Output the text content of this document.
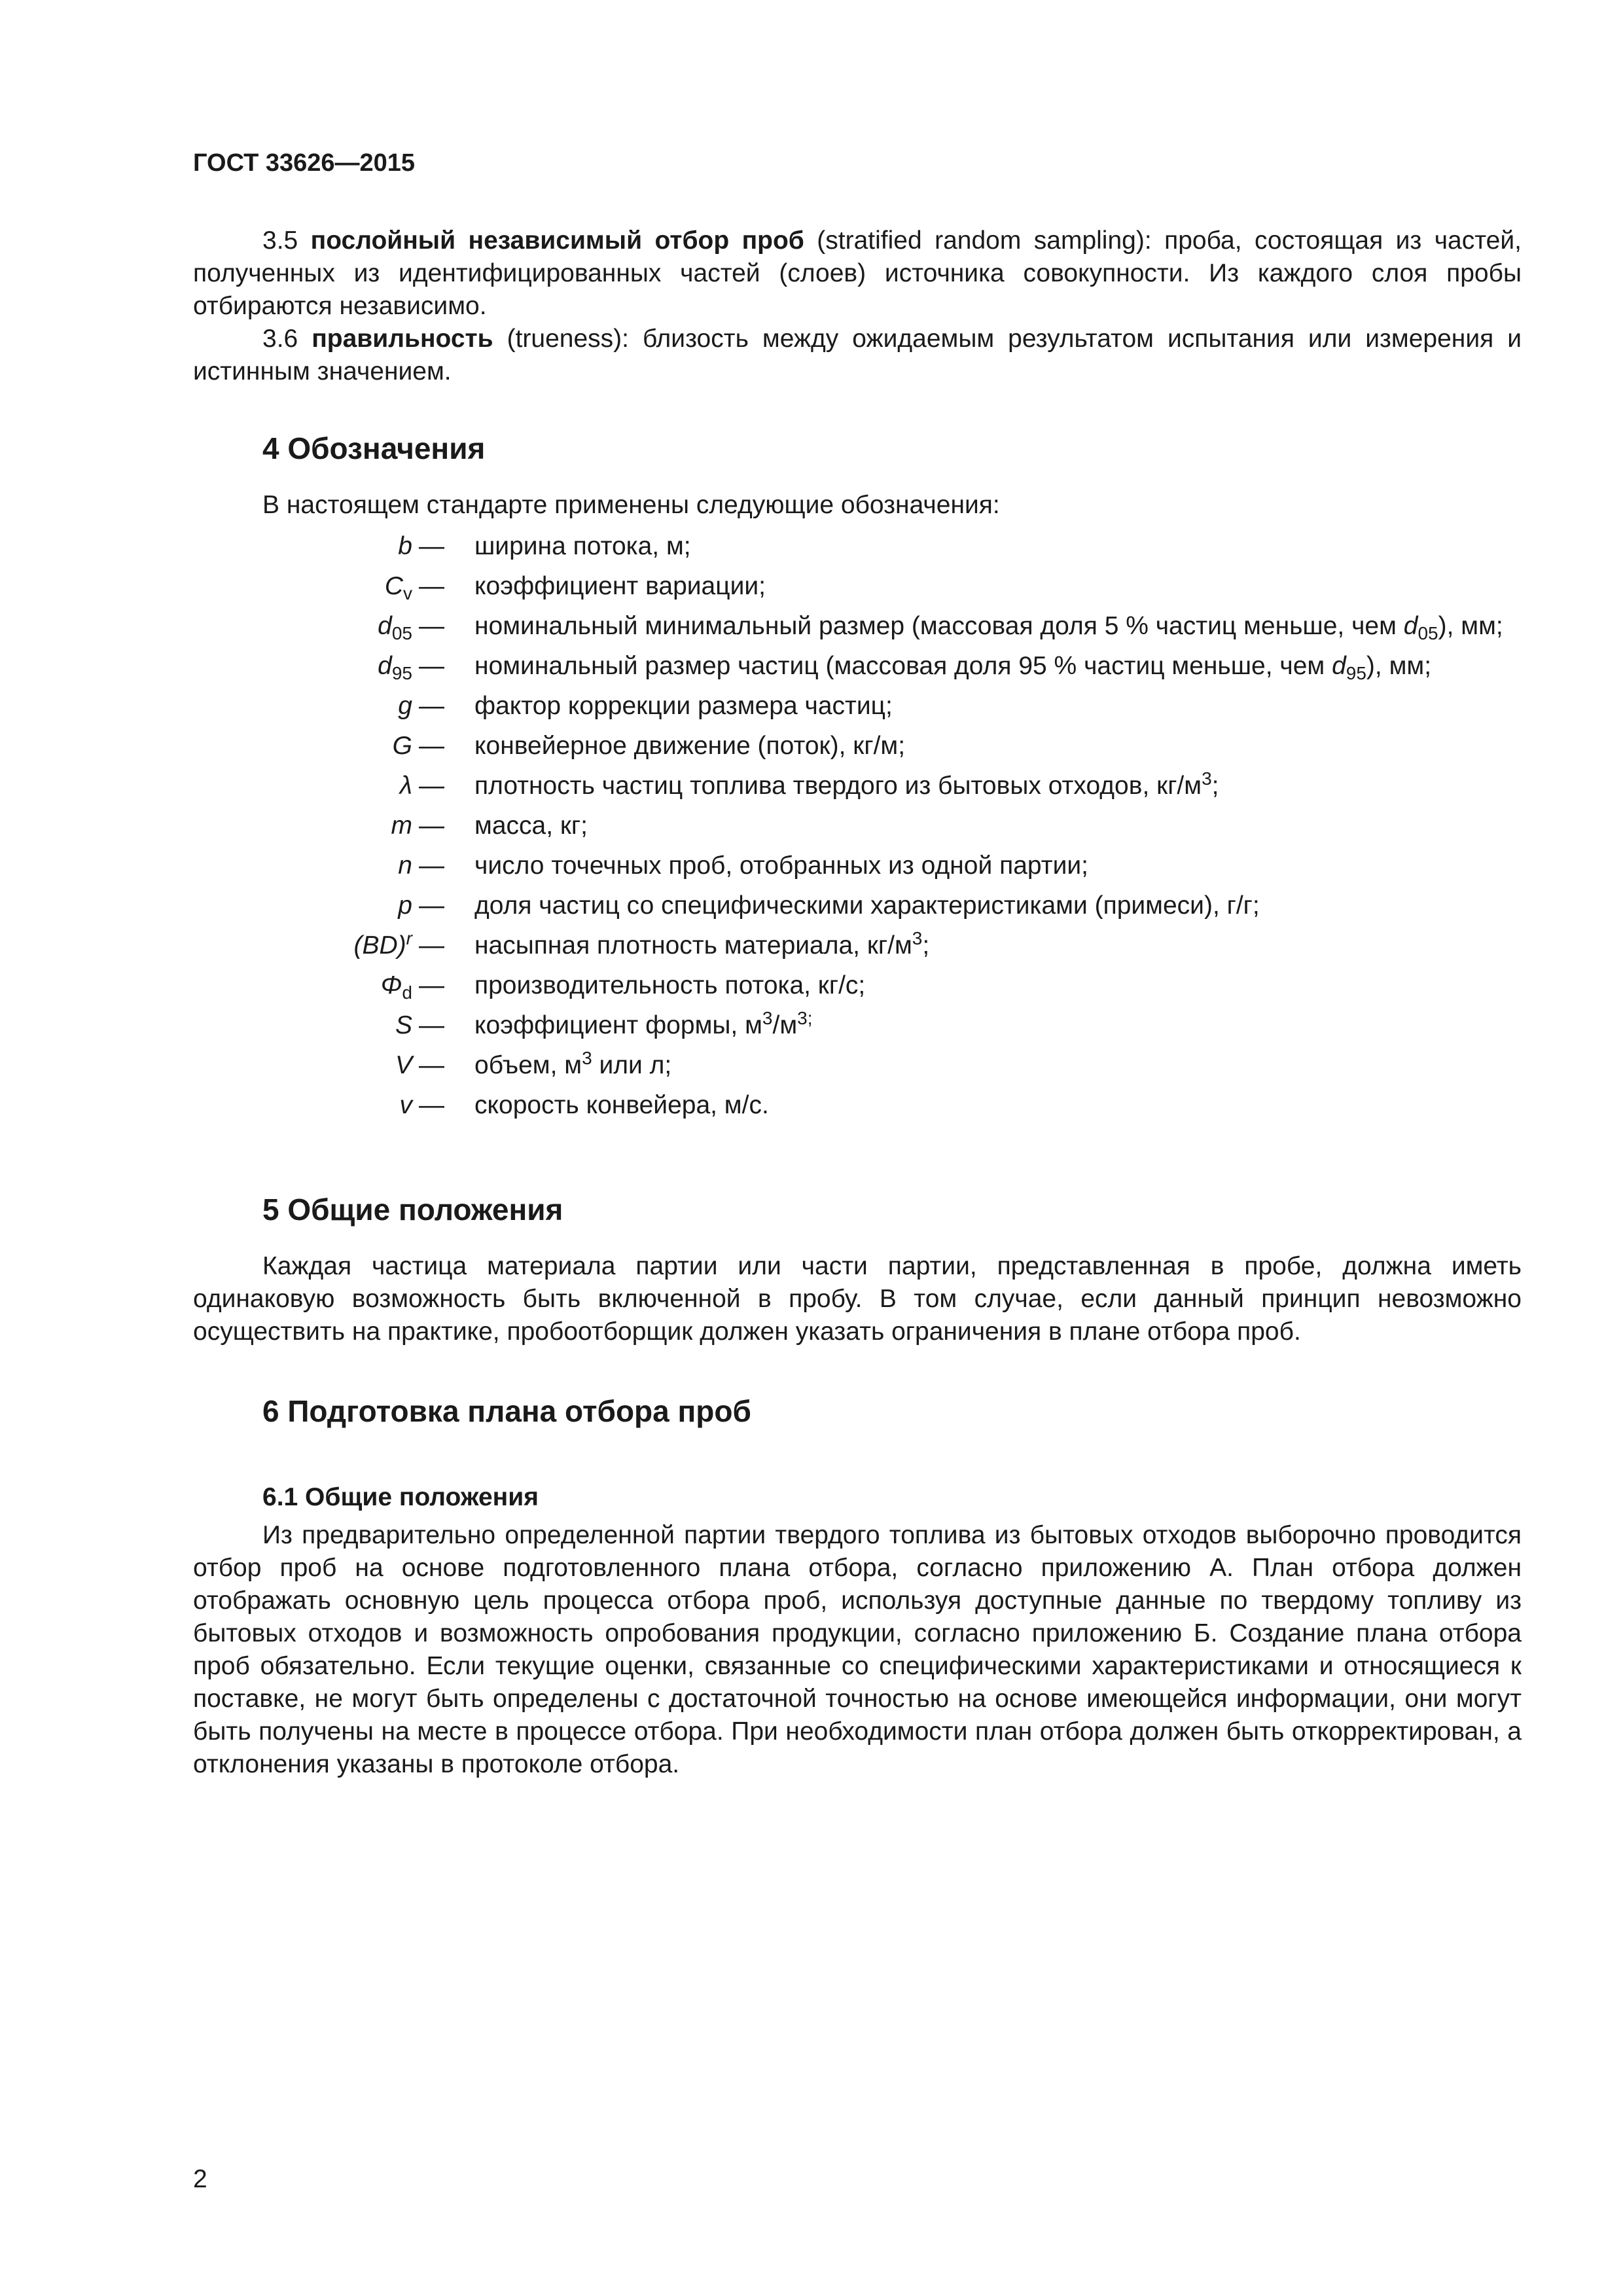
ГОСТ 33626—2015

3.5 послойный независимый отбор проб (stratified random sampling): проба, состоящая из частей, полученных из идентифицированных частей (слоев) источника совокупности. Из каждого слоя пробы отбираются независимо.

3.6 правильность (trueness): близость между ожидаемым результатом испытания или измерения и истинным значением.

4 Обозначения

В настоящем стандарте применены следующие обозначения:

b — ширина потока, м;
$C_v$ — коэффициент вариации;
$d_{05}$ — номинальный минимальный размер (массовая доля 5 % частиц меньше, чем $d_{05}$), мм;
$d_{95}$ — номинальный размер частиц (массовая доля 95 % частиц меньше, чем $d_{95}$), мм;
g — фактор коррекции размера частиц;
G — конвейерное движение (поток), кг/м;
λ — плотность частиц топлива твердого из бытовых отходов, $кг/м^3$;
m — масса, кг;
n — число точечных проб, отобранных из одной партии;
p — доля частиц со специфическими характеристиками (примеси), г/г;
(BD)$^r$ — насыпная плотность материала, $кг/м^3$;
$\Phi_d$ — производительность потока, кг/с;
S — коэффициент формы, $м^3/м^{3;}$
V — объем, $м^3$ или л;
v — скорость конвейера, м/с.
5 Общие положения

Каждая частица материала партии или части партии, представленная в пробе, должна иметь одинаковую возможность быть включенной в пробу. В том случае, если данный принцип невозможно осуществить на практике, пробоотборщик должен указать ограничения в плане отбора проб.

6 Подготовка плана отбора проб
6.1 Общие положения

Из предварительно определенной партии твердого топлива из бытовых отходов выборочно проводится отбор проб на основе подготовленного плана отбора, согласно приложению А. План отбора должен отображать основную цель процесса отбора проб, используя доступные данные по твердому топливу из бытовых отходов и возможность опробования продукции, согласно приложению Б. Создание плана отбора проб обязательно. Если текущие оценки, связанные со специфическими характеристиками и относящиеся к поставке, не могут быть определены с достаточной точностью на основе имеющейся информации, они могут быть получены на месте в процессе отбора. При необходимости план отбора должен быть откорректирован, а отклонения указаны в протоколе отбора.

2
